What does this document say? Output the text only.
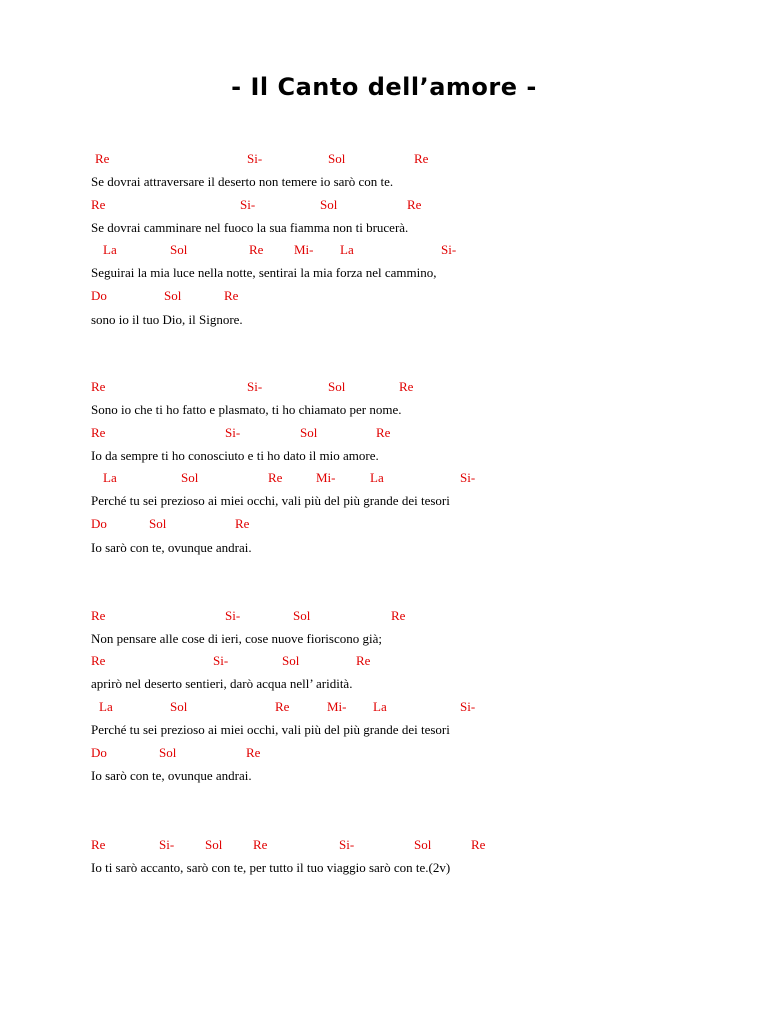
- Il Canto dell’amore -
Re	Si-	Sol	Re
Se dovrai attraversare il deserto non temere io sarò con te.
Re	Si-	Sol	Re
Se dovrai camminare nel fuoco la sua fiamma non ti brucerà.
La	Sol	Re Mi- La	Si-
Seguirai la mia luce nella notte, sentirai la mia forza nel cammino,
Do	Sol	Re
sono io il tuo Dio, il Signore.
Re	Si-	Sol	Re
Sono io che ti ho fatto e plasmato, ti ho chiamato per nome.
Re	Si-	Sol	Re
Io da sempre ti ho conosciuto e ti ho dato il mio amore.
La	Sol	Re	Mi-	La	Si-
Perché tu sei prezioso ai miei occhi, vali più del più grande dei tesori
Do	Sol	Re
Io sarò con te, ovunque andrai.
Re	Si-	Sol	Re
Non pensare alle cose di ieri, cose nuove fioriscono già;
Re	Si-	Sol	Re
aprirò nel deserto sentieri, darò acqua nell’ aridità.
La	Sol	Re	Mi- La	Si-
Perché tu sei prezioso ai miei occhi, vali più del più grande dei tesori
Do	Sol	Re
Io sarò con te, ovunque andrai.
Re	Si- Sol Re	Si-	Sol	Re
Io ti sarò accanto, sarò con te, per tutto il tuo viaggio sarò con te.(2v)
